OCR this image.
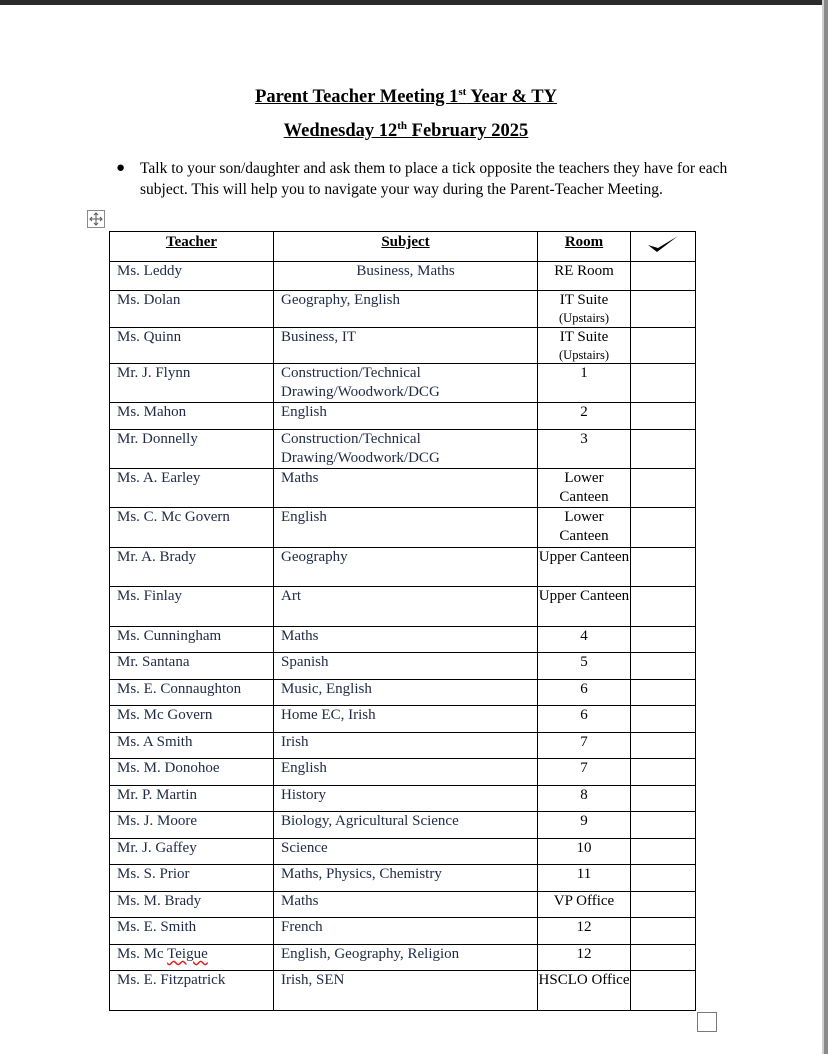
Parent Teacher Meeting 1st Year & TY
Wednesday 12th February 2025
● Talk to your son/daughter and ask them to place a tick opposite the teachers they have for each subject. This will help you to navigate your way during the Parent-Teacher Meeting.
Teacher	Subject	Room	
Ms. Leddy	Business, Maths	RE Room	
Ms. Dolan	Geography, English	IT Suite
(Upstairs)	

Ms. Quinn	Business, IT	IT Suite
(Upstairs)	

Mr. J. Flynn	Construction/Technical Drawing/Woodwork/DCG	1	
Ms. Mahon	English	2	
Mr. Donnelly	Construction/Technical Drawing/Woodwork/DCG	3	
Ms. A. Earley	Maths	Lower Canteen	
Ms. C. Mc Govern	English	Lower Canteen	
Mr. A. Brady	Geography	Upper Canteen	
Ms. Finlay	Art	Upper Canteen	
Ms. Cunningham	Maths	4	
Mr. Santana	Spanish	5	
Ms. E. Connaughton	Music, English	6	
Ms. Mc Govern	Home EC, Irish	6	
Ms. A Smith	Irish	7	
Ms. M. Donohoe	English	7	
Mr. P. Martin	History	8	
Ms. J. Moore	Biology, Agricultural Science	9	
Mr. J. Gaffey	Science	10	
Ms. S. Prior	Maths, Physics, Chemistry	11	
Ms. M. Brady	Maths	VP Office	
Ms. E. Smith	French	12	
Ms. Mc Teigue	English, Geography, Religion	12	
Ms. E. Fitzpatrick	Irish, SEN	HSCLO Office	
